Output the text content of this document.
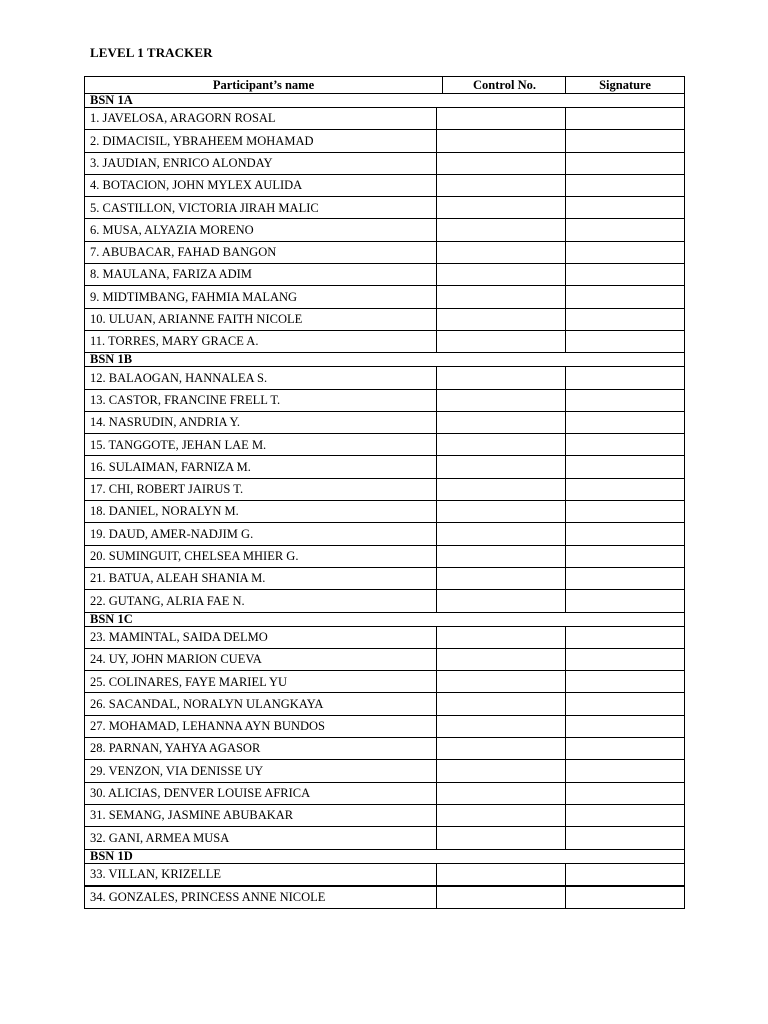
LEVEL 1 TRACKER
Participant’s name	Control No.	Signature
BSN 1A
1. JAVELOSA, ARAGORN ROSAL
2. DIMACISIL, YBRAHEEM MOHAMAD
3. JAUDIAN, ENRICO ALONDAY
4. BOTACION, JOHN MYLEX AULIDA
5. CASTILLON, VICTORIA JIRAH MALIC
6. MUSA, ALYAZIA MORENO
7. ABUBACAR, FAHAD BANGON
8. MAULANA, FARIZA ADIM
9. MIDTIMBANG, FAHMIA MALANG
10. ULUAN, ARIANNE FAITH NICOLE
11. TORRES, MARY GRACE A.
BSN 1B
12. BALAOGAN, HANNALEA S.
13. CASTOR, FRANCINE FRELL T.
14. NASRUDIN, ANDRIA Y.
15. TANGGOTE, JEHAN LAE M.
16. SULAIMAN, FARNIZA M.
17. CHI, ROBERT JAIRUS T.
18. DANIEL, NORALYN M.
19. DAUD, AMER-NADJIM G.
20. SUMINGUIT, CHELSEA MHIER G.
21. BATUA, ALEAH SHANIA M.
22. GUTANG, ALRIA FAE N.
BSN 1C
23. MAMINTAL, SAIDA DELMO
24. UY, JOHN MARION CUEVA
25. COLINARES, FAYE MARIEL YU
26. SACANDAL, NORALYN ULANGKAYA
27. MOHAMAD, LEHANNA AYN BUNDOS
28. PARNAN, YAHYA AGASOR
29. VENZON, VIA DENISSE UY
30. ALICIAS, DENVER LOUISE AFRICA
31. SEMANG, JASMINE ABUBAKAR
32. GANI, ARMEA MUSA
BSN 1D
33. VILLAN, KRIZELLE
34. GONZALES, PRINCESS ANNE NICOLE
